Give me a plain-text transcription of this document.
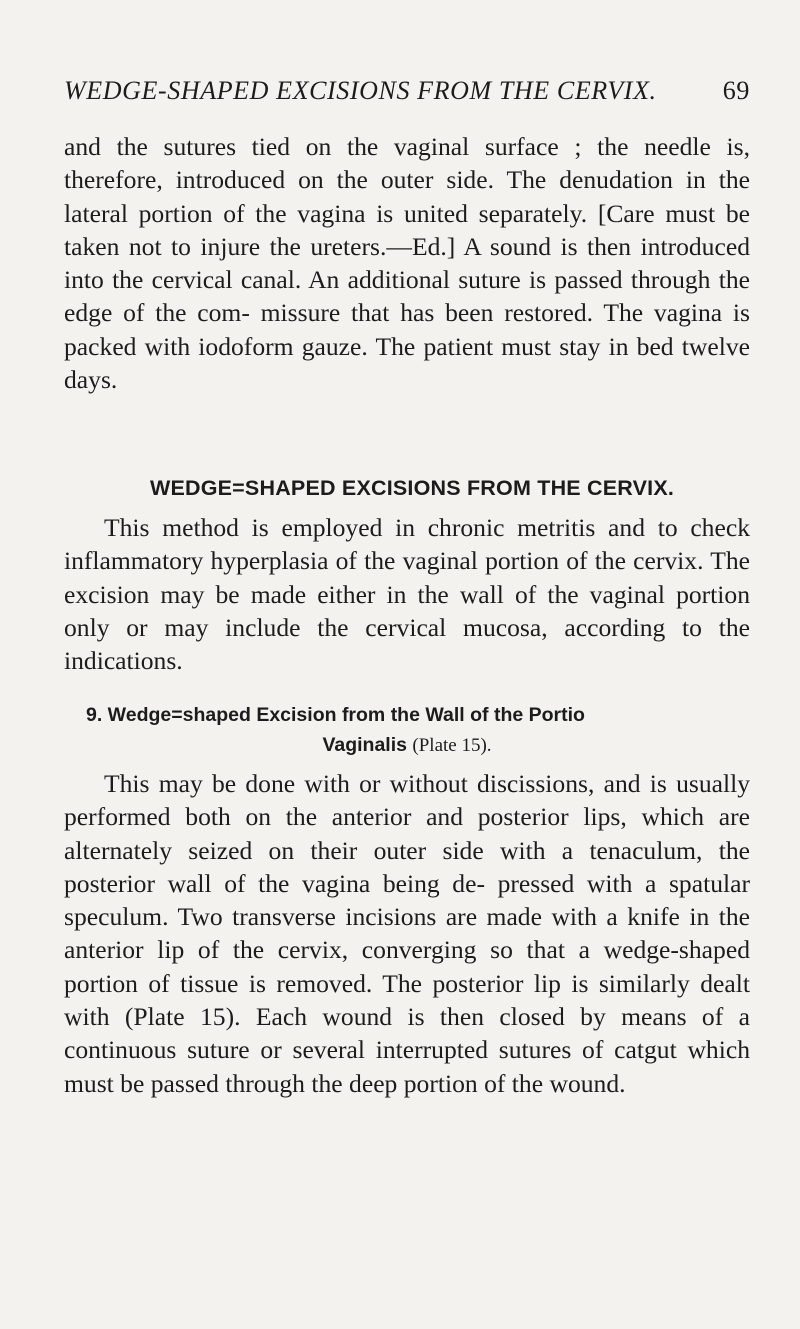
WEDGE-SHAPED EXCISIONS FROM THE CERVIX.	69

and the sutures tied on the vaginal surface ; the needle is, therefore, introduced on the outer side. The denudation in the lateral portion of the vagina is united separately. [Care must be taken not to injure the ureters.—Ed.] A sound is then introduced into the cervical canal. An additional suture is passed through the edge of the com- missure that has been restored. The vagina is packed with iodoform gauze. The patient must stay in bed twelve days.

WEDGE=SHAPED EXCISIONS FROM THE CERVIX.

This method is employed in chronic metritis and to check inflammatory hyperplasia of the vaginal portion of the cervix. The excision may be made either in the wall of the vaginal portion only or may include the cervical mucosa, according to the indications.

9. Wedge=shaped Excision from the Wall of the Portio
Vaginalis (Plate 15).

This may be done with or without discissions, and is usually performed both on the anterior and posterior lips, which are alternately seized on their outer side with a tenaculum, the posterior wall of the vagina being de- pressed with a spatular speculum. Two transverse incisions are made with a knife in the anterior lip of the cervix, converging so that a wedge-shaped portion of tissue is removed. The posterior lip is similarly dealt with (Plate 15). Each wound is then closed by means of a continuous suture or several interrupted sutures of catgut which must be passed through the deep portion of the wound.
